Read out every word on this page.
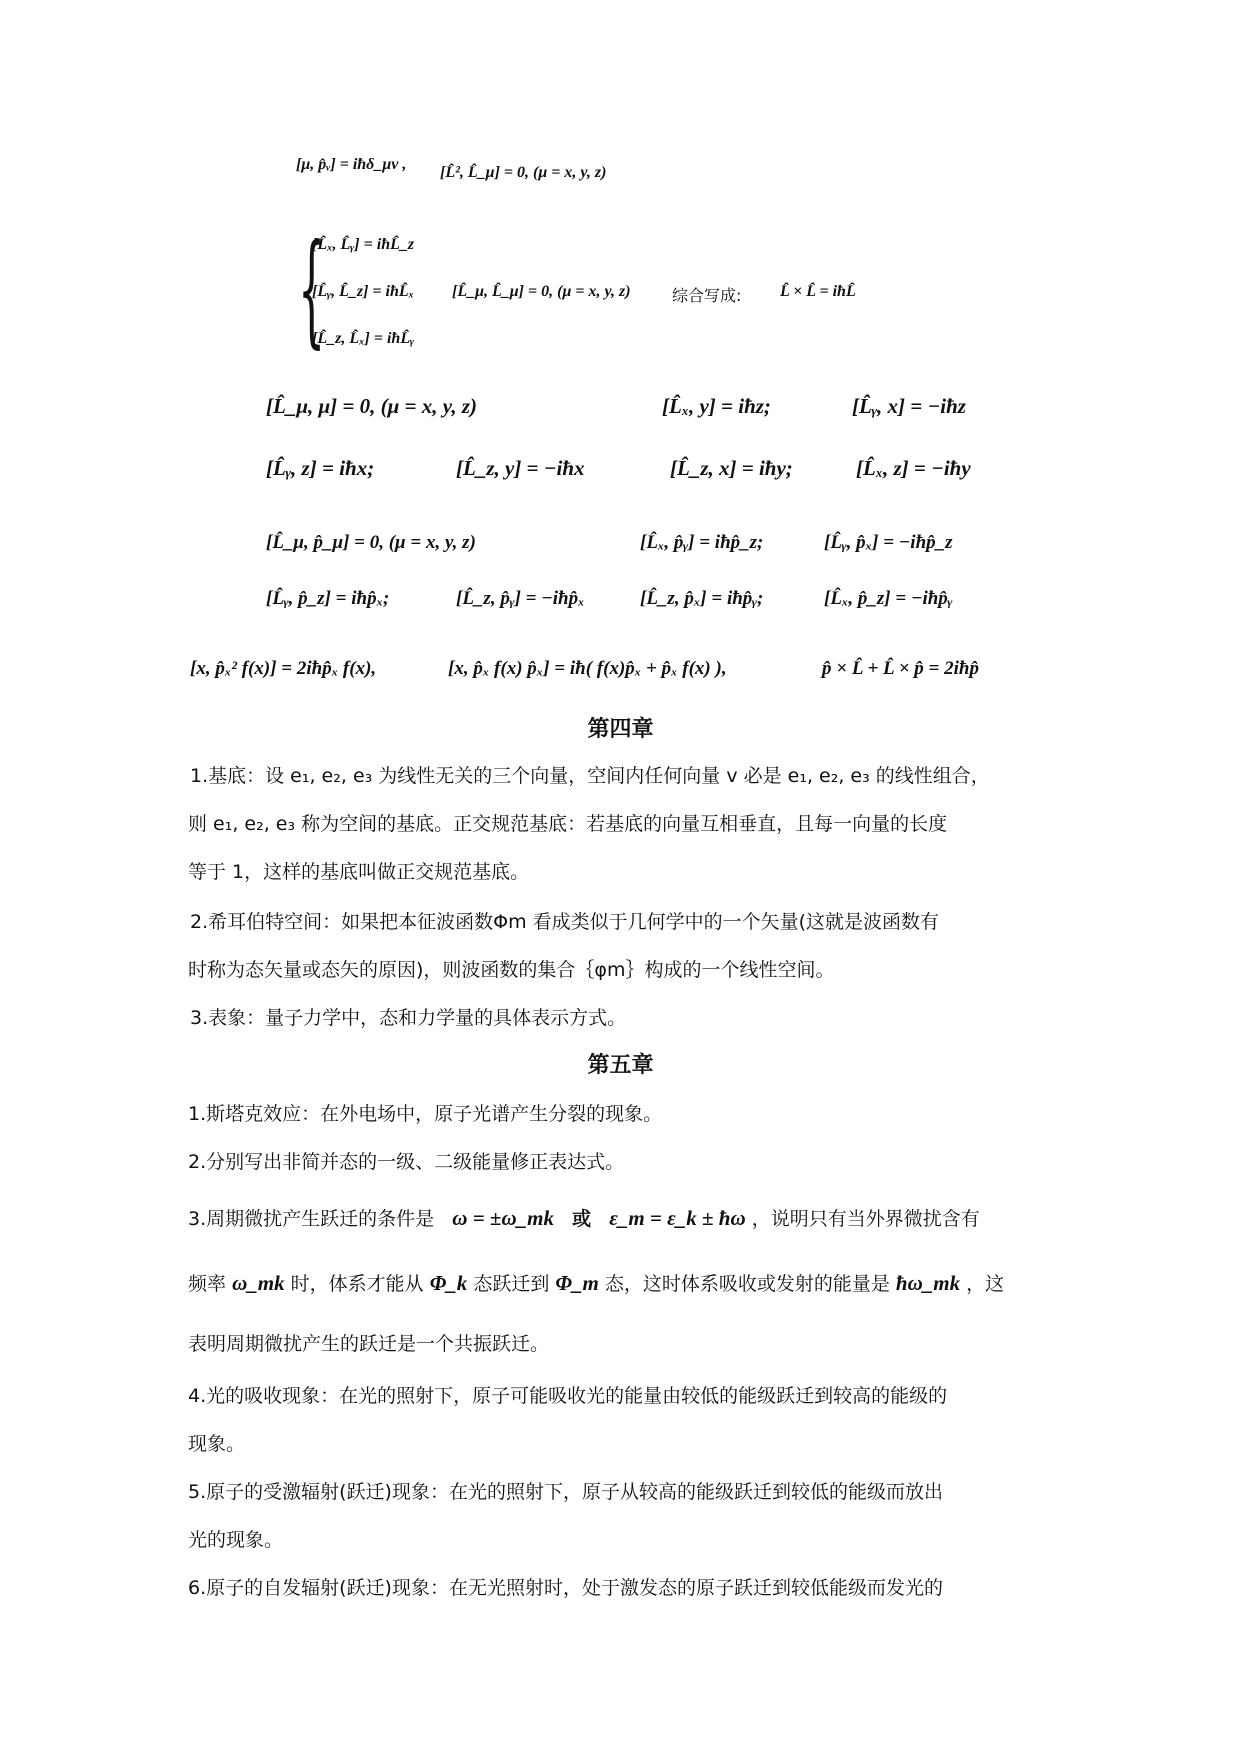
[μ, p̂ᵥ] = iħδ_μν , [L̂², L̂_μ] = 0, (μ = x, y, z)
{
[L̂ₓ, L̂ᵧ] = iħL̂_z
[L̂ᵧ, L̂_z] = iħL̂ₓ
[L̂_z, L̂ₓ] = iħL̂ᵧ
[L̂_μ, L̂_μ] = 0, (μ = x, y, z)	综合写成: L̂ × L̂ = iħL̂
[L̂_μ, μ] = 0, (μ = x, y, z)	[L̂ₓ, y] = iħz;	[L̂ᵧ, x] = −iħz
[L̂ᵧ, z] = iħx;	[L̂_z, y] = −iħx	[L̂_z, x] = iħy;	[L̂ₓ, z] = −iħy
[L̂_μ, p̂_μ] = 0, (μ = x, y, z)	[L̂ₓ, p̂ᵧ] = iħp̂_z;	[L̂ᵧ, p̂ₓ] = −iħp̂_z
[L̂ᵧ, p̂_z] = iħp̂ₓ;	[L̂_z, p̂ᵧ] = −iħp̂ₓ	[L̂_z, p̂ₓ] = iħp̂ᵧ;	[L̂ₓ, p̂_z] = −iħp̂ᵧ
[x, p̂ₓ² f(x)] = 2iħp̂ₓ f(x),	[x, p̂ₓ f(x) p̂ₓ] = iħ( f(x)p̂ₓ + p̂ₓ f(x) ),	p̂ × L̂ + L̂ × p̂ = 2iħp̂
第四章

1.基底：设 e₁, e₂, e₃ 为线性无关的三个向量，空间内任何向量 v 必是 e₁, e₂, e₃ 的线性组合，

则 e₁, e₂, e₃ 称为空间的基底。正交规范基底：若基底的向量互相垂直，且每一向量的长度

等于 1，这样的基底叫做正交规范基底。

2.希耳伯特空间：如果把本征波函数Φm 看成类似于几何学中的一个矢量(这就是波函数有

时称为态矢量或态矢的原因)，则波函数的集合｛φm｝构成的一个线性空间。

3.表象：量子力学中，态和力学量的具体表示方式。

第五章

1.斯塔克效应：在外电场中，原子光谱产生分裂的现象。

2.分别写出非简并态的一级、二级能量修正表达式。

3.周期微扰产生跃迁的条件是 ω = ±ω_mk 或 ε_m = ε_k ± ħω ，说明只有当外界微扰含有

频率 ω_mk 时，体系才能从 Φ_k 态跃迁到 Φ_m 态，这时体系吸收或发射的能量是 ħω_mk ，这

表明周期微扰产生的跃迁是一个共振跃迁。

4.光的吸收现象：在光的照射下，原子可能吸收光的能量由较低的能级跃迁到较高的能级的

现象。

5.原子的受激辐射(跃迁)现象：在光的照射下，原子从较高的能级跃迁到较低的能级而放出

光的现象。

6.原子的自发辐射(跃迁)现象：在无光照射时，处于激发态的原子跃迁到较低能级而发光的
